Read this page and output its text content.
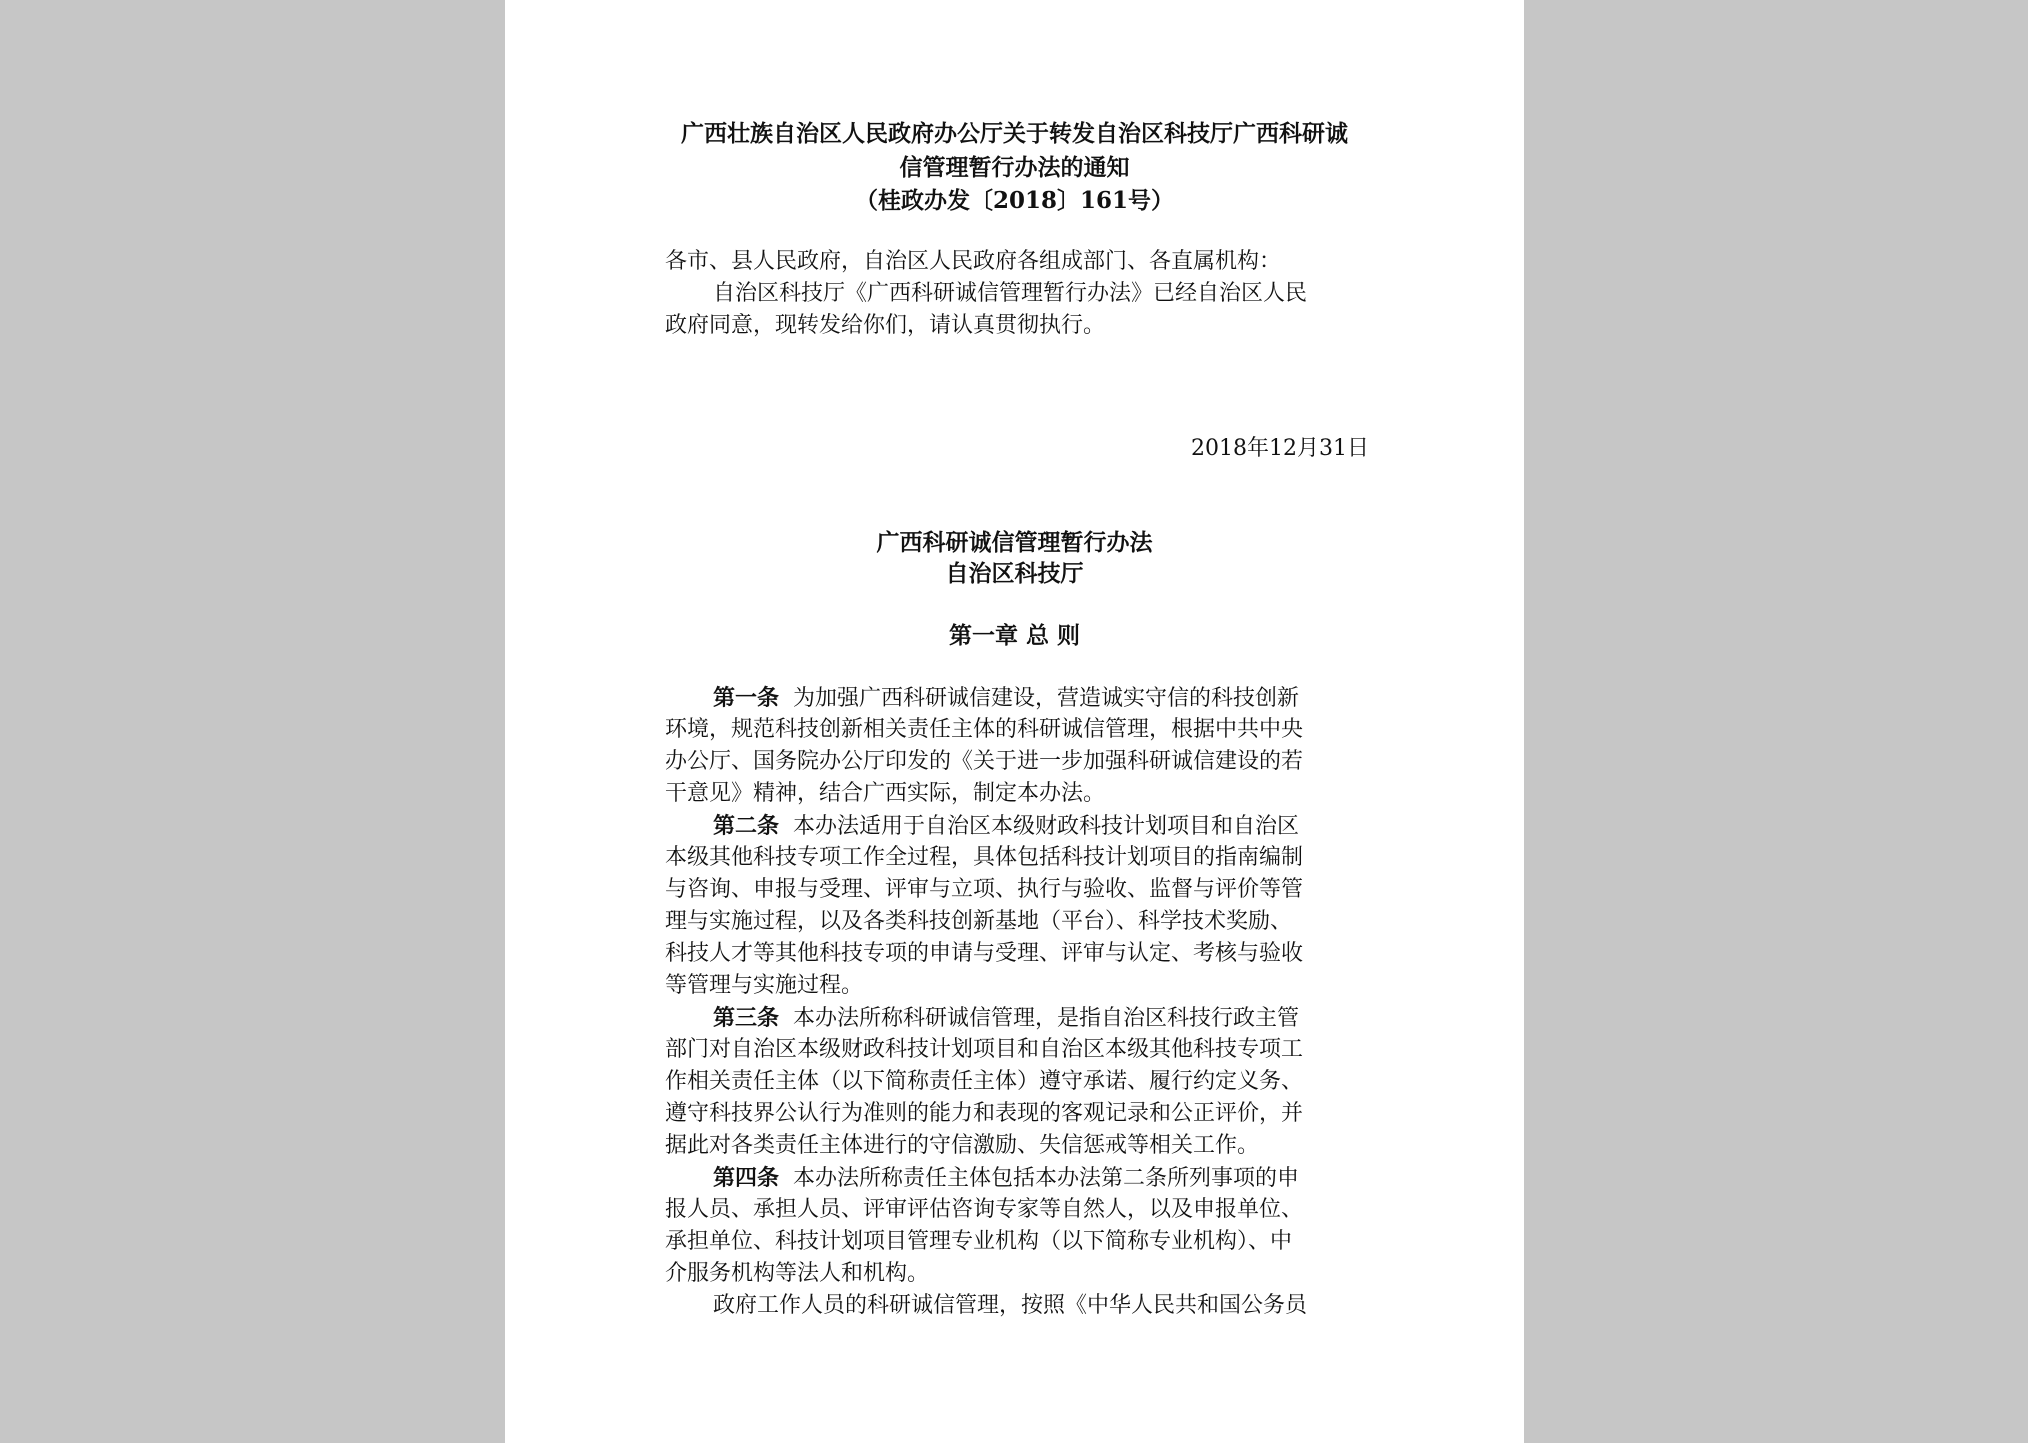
广西壮族自治区人民政府办公厅关于转发自治区科技厅广西科研诚
信管理暂行办法的通知
（桂政办发〔2018〕161号）
各市、县人民政府，自治区人民政府各组成部门、各直属机构：
自治区科技厅《广西科研诚信管理暂行办法》已经自治区人民
政府同意，现转发给你们，请认真贯彻执行。
2018年12月31日
广西科研诚信管理暂行办法
自治区科技厅
第一章 总 则
第一条 为加强广西科研诚信建设，营造诚实守信的科技创新
环境，规范科技创新相关责任主体的科研诚信管理，根据中共中央
办公厅、国务院办公厅印发的《关于进一步加强科研诚信建设的若
干意见》精神，结合广西实际，制定本办法。
第二条 本办法适用于自治区本级财政科技计划项目和自治区
本级其他科技专项工作全过程，具体包括科技计划项目的指南编制
与咨询、申报与受理、评审与立项、执行与验收、监督与评价等管
理与实施过程，以及各类科技创新基地（平台）、科学技术奖励、
科技人才等其他科技专项的申请与受理、评审与认定、考核与验收
等管理与实施过程。
第三条 本办法所称科研诚信管理，是指自治区科技行政主管
部门对自治区本级财政科技计划项目和自治区本级其他科技专项工
作相关责任主体（以下简称责任主体）遵守承诺、履行约定义务、
遵守科技界公认行为准则的能力和表现的客观记录和公正评价，并
据此对各类责任主体进行的守信激励、失信惩戒等相关工作。
第四条 本办法所称责任主体包括本办法第二条所列事项的申
报人员、承担人员、评审评估咨询专家等自然人，以及申报单位、
承担单位、科技计划项目管理专业机构（以下简称专业机构）、中
介服务机构等法人和机构。
政府工作人员的科研诚信管理，按照《中华人民共和国公务员
